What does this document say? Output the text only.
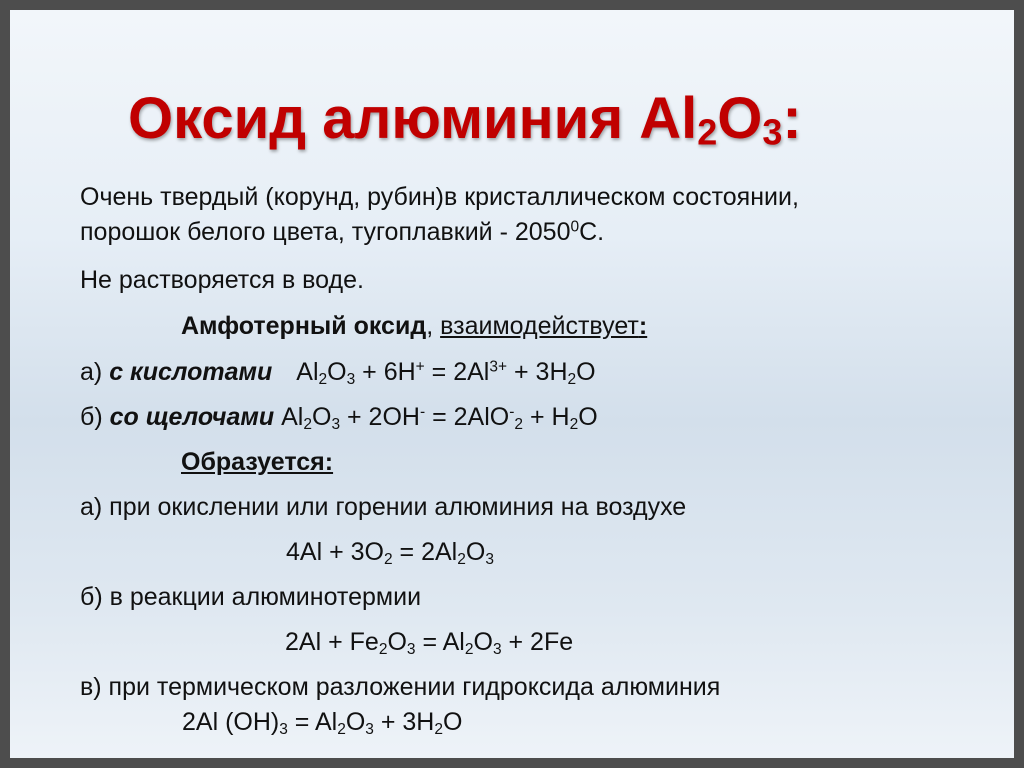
Оксид алюминия $Al_2O_3$:
Очень твердый (корунд, рубин)в кристаллическом состоянии,
порошок белого цвета, тугоплавкий - 2050$^0$C.
Не растворяется в воде.
Амфотерный оксид, взаимодействует:
а) с кислотами $Al_2O_3 + 6H^+ = 2Al^{3+} + 3H_2O$
б) со щелочами $Al_2O_3 + 2OH^- = 2AlO^-_2 + H_2O$
Образуется:
а) при окислении или горении алюминия на воздухе
$4Al + 3O_2 = 2Al_2O_3$
б) в реакции алюминотермии
$2Al + Fe_2O_3 = Al_2O_3 + 2Fe$
в) при термическом разложении гидроксида алюминия
2Al $(OH)_3 = Al_2O_3 + 3H_2O$
